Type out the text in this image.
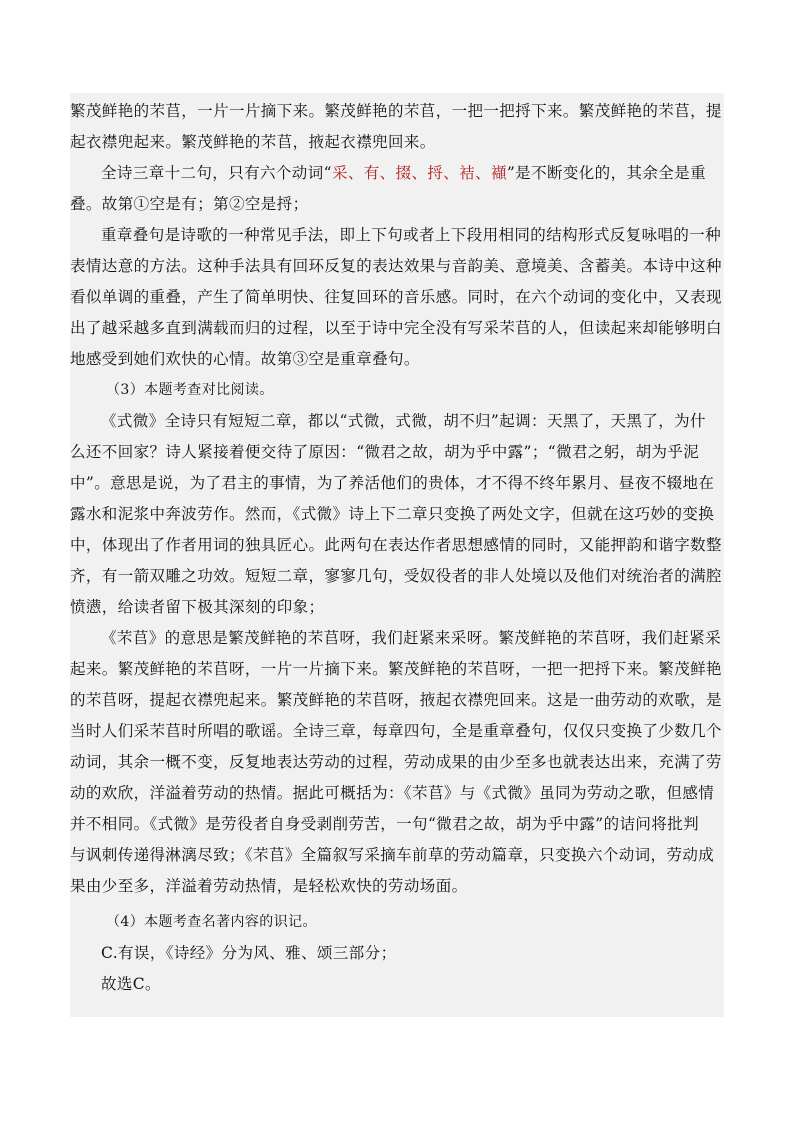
繁茂鲜艳的芣苢，一片一片摘下来。繁茂鲜艳的芣苢，一把一把捋下来。繁茂鲜艳的芣苢，提
起衣襟兜起来。繁茂鲜艳的芣苢，掖起衣襟兜回来。
全诗三章十二句，只有六个动词“采、有、掇、捋、袺、襭”是不断变化的，其余全是重
叠。故第①空是有；第②空是捋；
重章叠句是诗歌的一种常见手法，即上下句或者上下段用相同的结构形式反复咏唱的一种
表情达意的方法。这种手法具有回环反复的表达效果与音韵美、意境美、含蓄美。本诗中这种
看似单调的重叠，产生了简单明快、往复回环的音乐感。同时，在六个动词的变化中，又表现
出了越采越多直到满载而归的过程，以至于诗中完全没有写采芣苢的人，但读起来却能够明白
地感受到她们欢快的心情。故第③空是重章叠句。
（3）本题考查对比阅读。
《式微》全诗只有短短二章，都以“式微，式微，胡不归”起调：天黑了，天黑了，为什
么还不回家？诗人紧接着便交待了原因：“微君之故，胡为乎中露”；“微君之躬，胡为乎泥
中”。意思是说，为了君主的事情，为了养活他们的贵体，才不得不终年累月、昼夜不辍地在
露水和泥浆中奔波劳作。然而，《式微》诗上下二章只变换了两处文字，但就在这巧妙的变换
中，体现出了作者用词的独具匠心。此两句在表达作者思想感情的同时，又能押韵和谐字数整
齐，有一箭双雕之功效。短短二章，寥寥几句，受奴役者的非人处境以及他们对统治者的满腔
愤懑，给读者留下极其深刻的印象；
《芣苢》的意思是繁茂鲜艳的芣苢呀，我们赶紧来采呀。繁茂鲜艳的芣苢呀，我们赶紧采
起来。繁茂鲜艳的芣苢呀，一片一片摘下来。繁茂鲜艳的芣苢呀，一把一把捋下来。繁茂鲜艳
的芣苢呀，提起衣襟兜起来。繁茂鲜艳的芣苢呀，掖起衣襟兜回来。这是一曲劳动的欢歌，是
当时人们采芣苢时所唱的歌谣。全诗三章，每章四句，全是重章叠句，仅仅只变换了少数几个
动词，其余一概不变，反复地表达劳动的过程，劳动成果的由少至多也就表达出来，充满了劳
动的欢欣，洋溢着劳动的热情。据此可概括为：《芣苢》与《式微》虽同为劳动之歌，但感情
并不相同。《式微》是劳役者自身受剥削劳苦，一句“微君之故，胡为乎中露”的诘问将批判
与讽刺传递得淋漓尽致；《芣苢》全篇叙写采摘车前草的劳动篇章，只变换六个动词，劳动成
果由少至多，洋溢着劳动热情，是轻松欢快的劳动场面。
（4）本题考查名著内容的识记。
C.有误，《诗经》分为风、雅、颂三部分；
故选C。
